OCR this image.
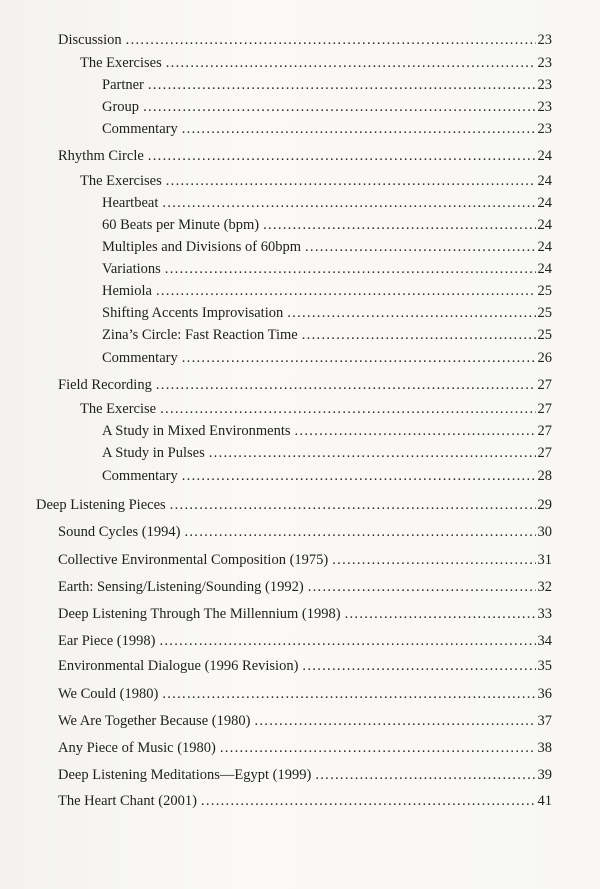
Discussion .....	23
The Exercises .....	23
Partner .....	23
Group .....	23
Commentary .....	23
Rhythm Circle .....	24
The Exercises .....	24
Heartbeat .....	24
60 Beats per Minute (bpm) .....	24
Multiples and Divisions of 60bpm .....	24
Variations .....	24
Hemiola .....	25
Shifting Accents Improvisation .....	25
Zina’s Circle: Fast Reaction Time .....	25
Commentary .....	26
Field Recording .....	27
The Exercise .....	27
A Study in Mixed Environments .....	27
A Study in Pulses .....	27
Commentary .....	28
Deep Listening Pieces .....	29
Sound Cycles (1994) .....	30
Collective Environmental Composition (1975) .....	31
Earth: Sensing/Listening/Sounding (1992) .....	32
Deep Listening Through The Millennium (1998) .....	33
Ear Piece (1998) .....	34
Environmental Dialogue (1996 Revision) .....	35
We Could (1980) .....	36
We Are Together Because (1980) .....	37
Any Piece of Music (1980) .....	38
Deep Listening Meditations—Egypt (1999) .....	39
The Heart Chant (2001) .....	41
